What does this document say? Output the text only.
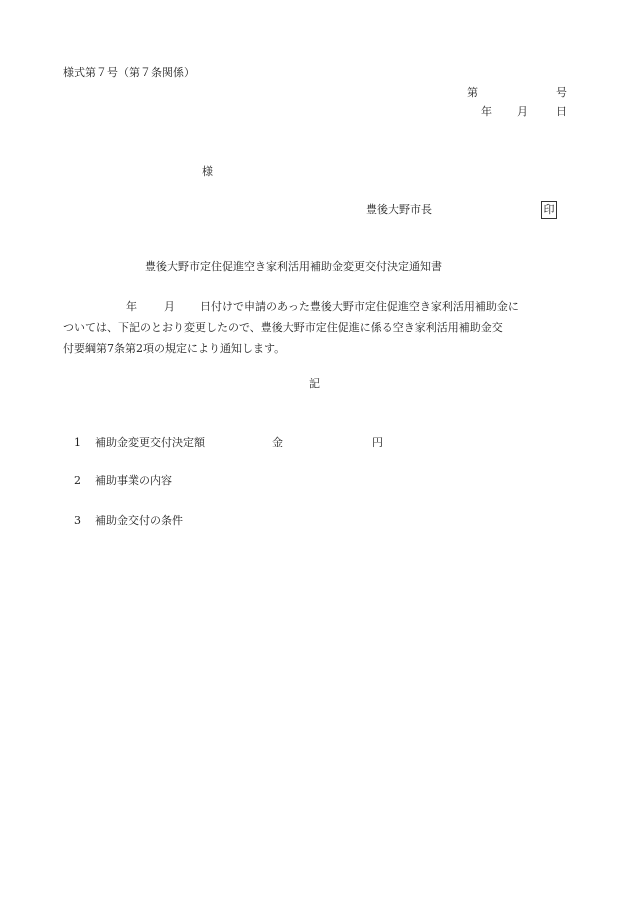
様式第７号（第７条関係）
第	号
年 月	日
様
豊後大野市長	印
豊後大野市定住促進空き家利活用補助金変更交付決定通知書
年 月 日付けで申請のあった豊後大野市定住促進空き家利活用補助金に
ついては、下記のとおり変更したので、豊後大野市定住促進に係る空き家利活用補助金交
付要綱第7条第2項の規定により通知します。
記
1 補助金変更交付決定額	金	円
2 補助事業の内容
3 補助金交付の条件
